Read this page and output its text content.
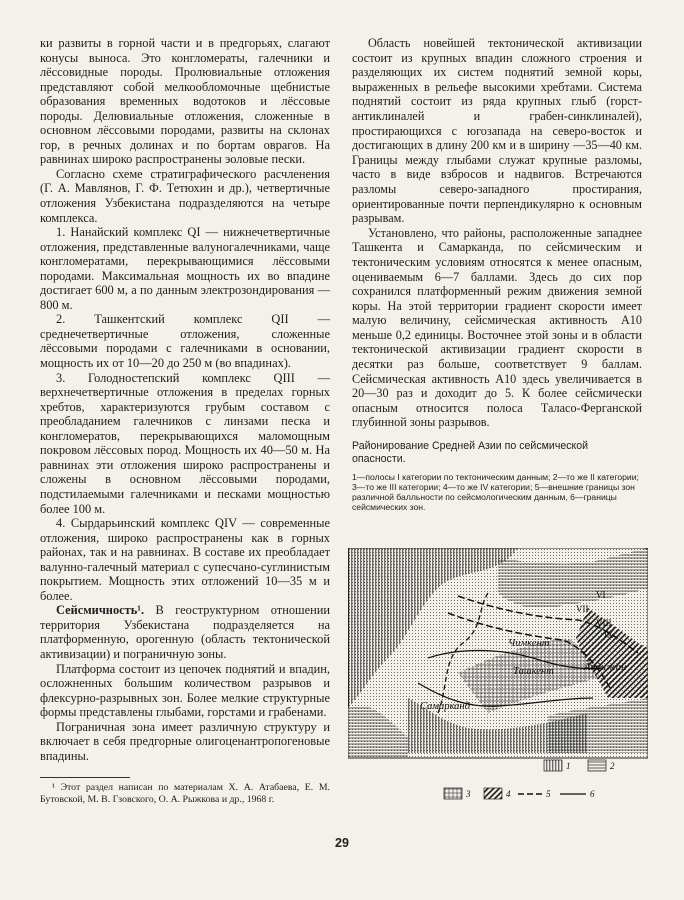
ки развиты в горной части и в предгорьях, слагают конусы выноса. Это конгломераты, галечники и лёссовидные породы. Пролювиальные отложения представляют собой мелкообломочные щебнистые образования временных водотоков и лёссовые породы. Делювиальные отложения, сложенные в основном лёссовыми породами, развиты на склонах гор, в речных долинах и по бортам оврагов. На равнинах широко распространены эоловые пески.

Согласно схеме стратиграфического расчленения (Г. А. Мавлянов, Г. Ф. Тетюхин и др.), четвертичные отложения Узбекистана подразделяются на четыре комплекса.

1. Нанайский комплекс QI — нижнечетвертичные отложения, представленные валуногалечниками, чаще конгломератами, перекрывающимися лёссовыми породами. Максимальная мощность их во впадине достигает 600 м, а по данным электрозондирования — 800 м.

2. Ташкентский комплекс QII — среднечетвертичные отложения, сложенные лёссовыми породами с галечниками в основании, мощность их от 10—20 до 250 м (во впадинах).

3. Голодностепский комплекс QIII — верхнечетвертичные отложения в пределах горных хребтов, характеризуются грубым составом с преобладанием галечников с линзами песка и конгломератов, перекрывающихся маломощным покровом лёссовых пород. Мощность их 40—50 м. На равнинах эти отложения широко распространены и сложены в основном лёссовыми породами, подстилаемыми галечниками и песками мощностью более 100 м.

4. Сырдарьинский комплекс QIV — современные отложения, широко распространены как в горных районах, так и на равнинах. В составе их преобладает валунно-галечный материал с супесчано-суглинистым покрытием. Мощность этих отложений 10—35 м и более.

Сейсмичность¹. В геоструктурном отношении территория Узбекистана подразделяется на платформенную, орогенную (область тектонической активизации) и пограничную зоны.

Платформа состоит из цепочек поднятий и впадин, осложненных большим количеством разрывов и флексурно-разрывных зон. Более мелкие структурные формы представлены глыбами, горстами и грабенами.

Пограничная зона имеет различную структуру и включает в себя предгорные олигоценантропогеновые впадины.

¹ Этот раздел написан по материалам Х. А. Атабаева, Е. М. Бутовской, М. В. Гзовского, О. А. Рыжкова и др., 1968 г.

Область новейшей тектонической активизации состоит из крупных впадин сложного строения и разделяющих их систем поднятий земной коры, выраженных в рельефе высокими хребтами. Система поднятий состоит из ряда крупных глыб (горст-антиклиналей и грабен-синклиналей), простирающихся с югозапада на северо-восток и достигающих в длину 200 км и в ширину —35—40 км. Границы между глыбами служат крупные разломы, часто в виде взбросов и надвигов. Встречаются разломы северо-западного простирания, ориентированные почти перпендикулярно к основным разрывам.

Установлено, что районы, расположенные западнее Ташкента и Самарканда, по сейсмическим и тектоническим условиям относятся к менее опасным, оцениваемым 6—7 баллами. Здесь до сих пор сохранился платформенный режим движения земной коры. На этой территории градиент скорости имеет малую величину, сейсмическая активность A10 меньше 0,2 единицы. Восточнее этой зоны и в области тектонической активизации градиент скорости в десятки раз больше, соответствует 9 баллам. Сейсмическая активность A10 здесь увеличивается в 20—30 раз и доходит до 5. К более сейсмически опасным относится полоса Таласо-Ферганской глубинной зоны разрывов.

Районирование Средней Азии по сейсмической опасности.

1—полосы I категории по тектоническим данным; 2—то же II категории; 3—то же III категории; 4—то же IV категории; 5—внешние границы зон различной балльности по сейсмологическим данным, 6—границы сейсмических зон.

VI
VII
VIII
IX
Чимкент
Ташкент	Андижан
Самарканд
1	2
3	4	5	6
29
